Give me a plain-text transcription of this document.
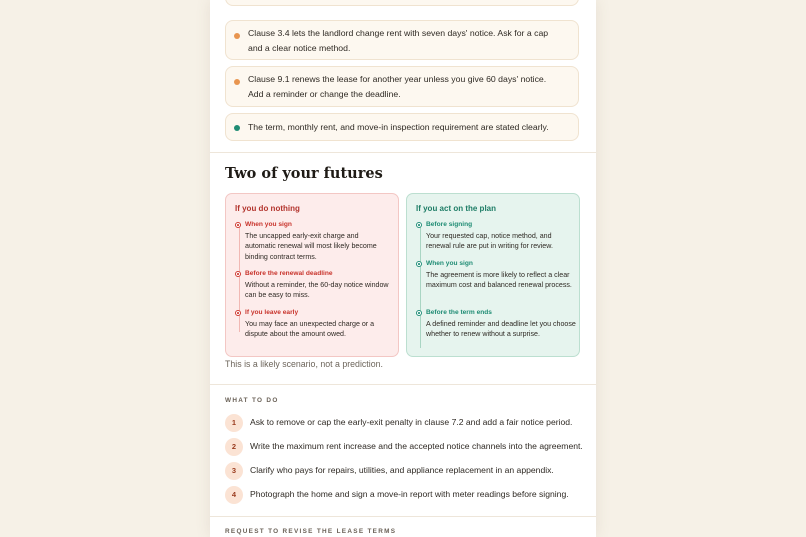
Clause 3.4 lets the landlord change rent with seven days' notice. Ask for a cap and a clear notice method.
Clause 9.1 renews the lease for another year unless you give 60 days' notice. Add a reminder or change the deadline.
The term, monthly rent, and move-in inspection requirement are stated clearly.
Two of your futures
If you do nothing
When you sign
The uncapped early-exit charge and automatic renewal will most likely become binding contract terms.
Before the renewal deadline
Without a reminder, the 60-day notice window can be easy to miss.
If you leave early
You may face an unexpected charge or a dispute about the amount owed.
If you act on the plan
Before signing
Your requested cap, notice method, and renewal rule are put in writing for review.
When you sign
The agreement is more likely to reflect a clear maximum cost and balanced renewal process.
Before the term ends
A defined reminder and deadline let you choose whether to renew without a surprise.
This is a likely scenario, not a prediction.
WHAT TO DO
1	Ask to remove or cap the early-exit penalty in clause 7.2 and add a fair notice period.
2	Write the maximum rent increase and the accepted notice channels into the agreement.
3	Clarify who pays for repairs, utilities, and appliance replacement in an appendix.
4	Photograph the home and sign a move-in report with meter readings before signing.
REQUEST TO REVISE THE LEASE TERMS
